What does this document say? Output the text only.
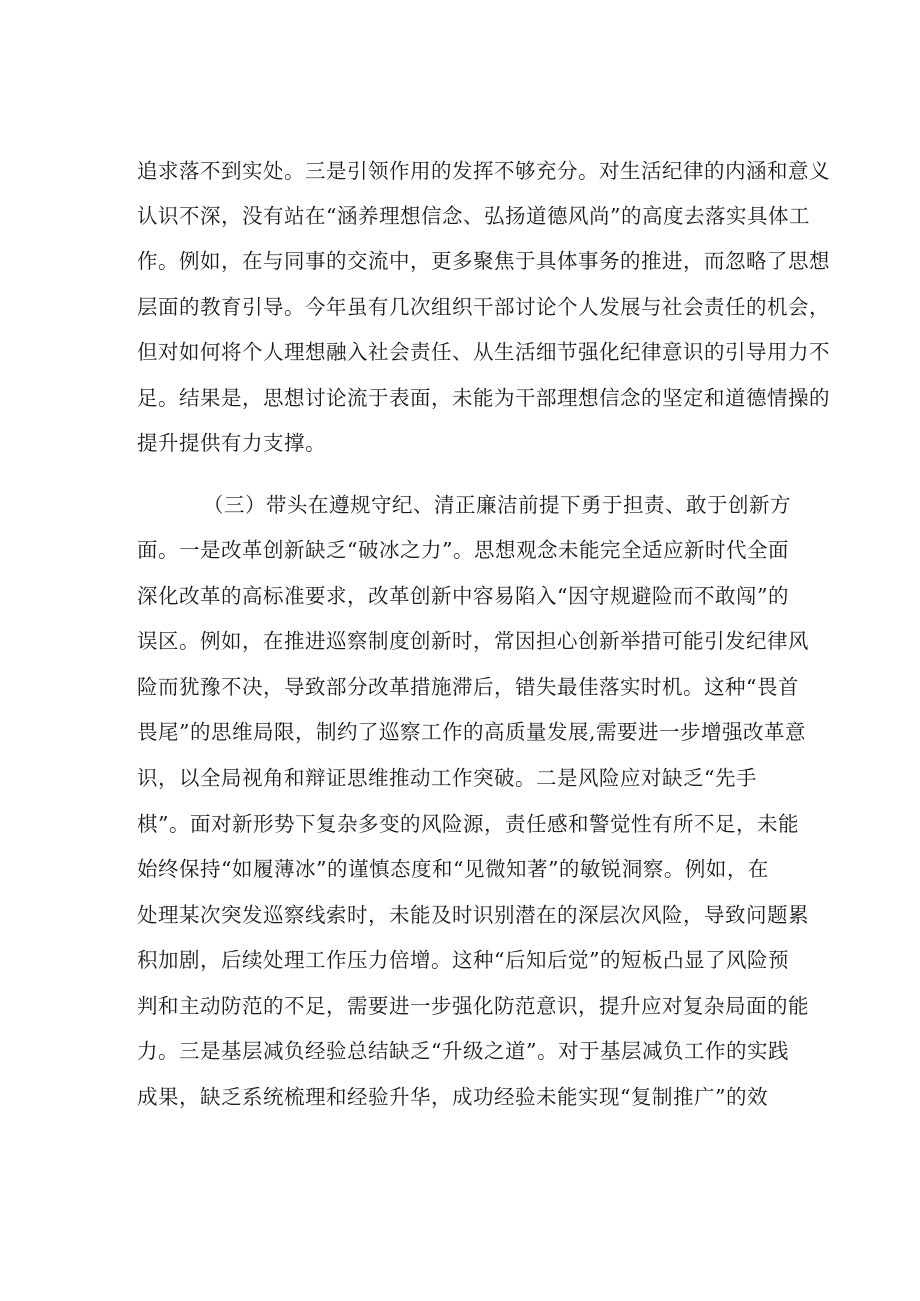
追求落不到实处。三是引领作用的发挥不够充分。对生活纪律的内涵和意义
认识不深，没有站在“涵养理想信念、弘扬道德风尚”的高度去落实具体工
作。例如，在与同事的交流中，更多聚焦于具体事务的推进，而忽略了思想
层面的教育引导。今年虽有几次组织干部讨论个人发展与社会责任的机会，
但对如何将个人理想融入社会责任、从生活细节强化纪律意识的引导用力不
足。结果是，思想讨论流于表面，未能为干部理想信念的坚定和道德情操的
提升提供有力支撑。
（三）带头在遵规守纪、清正廉洁前提下勇于担责、敢于创新方
面。一是改革创新缺乏“破冰之力”。思想观念未能完全适应新时代全面
深化改革的高标准要求，改革创新中容易陷入“因守规避险而不敢闯”的
误区。例如，在推进巡察制度创新时，常因担心创新举措可能引发纪律风
险而犹豫不决，导致部分改革措施滞后，错失最佳落实时机。这种“畏首
畏尾”的思维局限，制约了巡察工作的高质量发展,需要进一步增强改革意
识，以全局视角和辩证思维推动工作突破。二是风险应对缺乏“先手
棋”。面对新形势下复杂多变的风险源，责任感和警觉性有所不足，未能
始终保持“如履薄冰”的谨慎态度和“见微知著”的敏锐洞察。例如，在
处理某次突发巡察线索时，未能及时识别潜在的深层次风险，导致问题累
积加剧，后续处理工作压力倍增。这种“后知后觉”的短板凸显了风险预
判和主动防范的不足，需要进一步强化防范意识，提升应对复杂局面的能
力。三是基层减负经验总结缺乏“升级之道”。对于基层减负工作的实践
成果，缺乏系统梳理和经验升华，成功经验未能实现“复制推广”的效
